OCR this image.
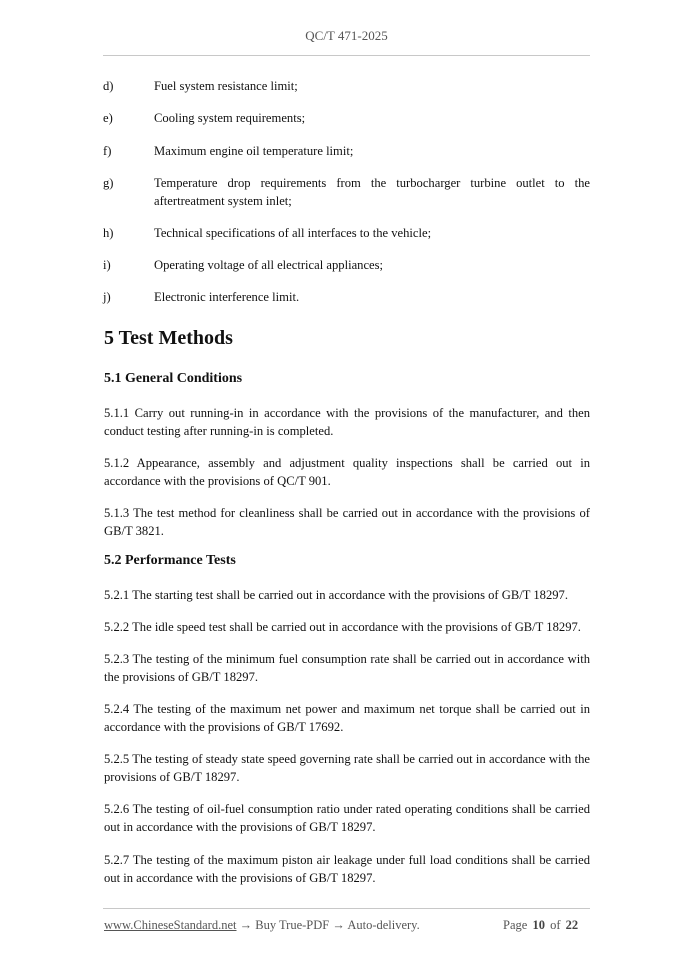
QC/T 471-2025
d)	Fuel system resistance limit;
e)	Cooling system requirements;
f)	Maximum engine oil temperature limit;
g)	Temperature drop requirements from the turbocharger turbine outlet to the aftertreatment system inlet;
h)	Technical specifications of all interfaces to the vehicle;
i)	Operating voltage of all electrical appliances;
j)	Electronic interference limit.
5 Test Methods
5.1 General Conditions
5.1.1 Carry out running-in in accordance with the provisions of the manufacturer, and then conduct testing after running-in is completed.
5.1.2 Appearance, assembly and adjustment quality inspections shall be carried out in accordance with the provisions of QC/T 901.
5.1.3 The test method for cleanliness shall be carried out in accordance with the provisions of GB/T 3821.
5.2 Performance Tests
5.2.1 The starting test shall be carried out in accordance with the provisions of GB/T 18297.
5.2.2 The idle speed test shall be carried out in accordance with the provisions of GB/T 18297.
5.2.3 The testing of the minimum fuel consumption rate shall be carried out in accordance with the provisions of GB/T 18297.
5.2.4 The testing of the maximum net power and maximum net torque shall be carried out in accordance with the provisions of GB/T 17692.
5.2.5 The testing of steady state speed governing rate shall be carried out in accordance with the provisions of GB/T 18297.
5.2.6 The testing of oil-fuel consumption ratio under rated operating conditions shall be carried out in accordance with the provisions of GB/T 18297.
5.2.7 The testing of the maximum piston air leakage under full load conditions shall be carried out in accordance with the provisions of GB/T 18297.
www.ChineseStandard.net → Buy True-PDF → Auto-delivery.	Page 10 of 22
